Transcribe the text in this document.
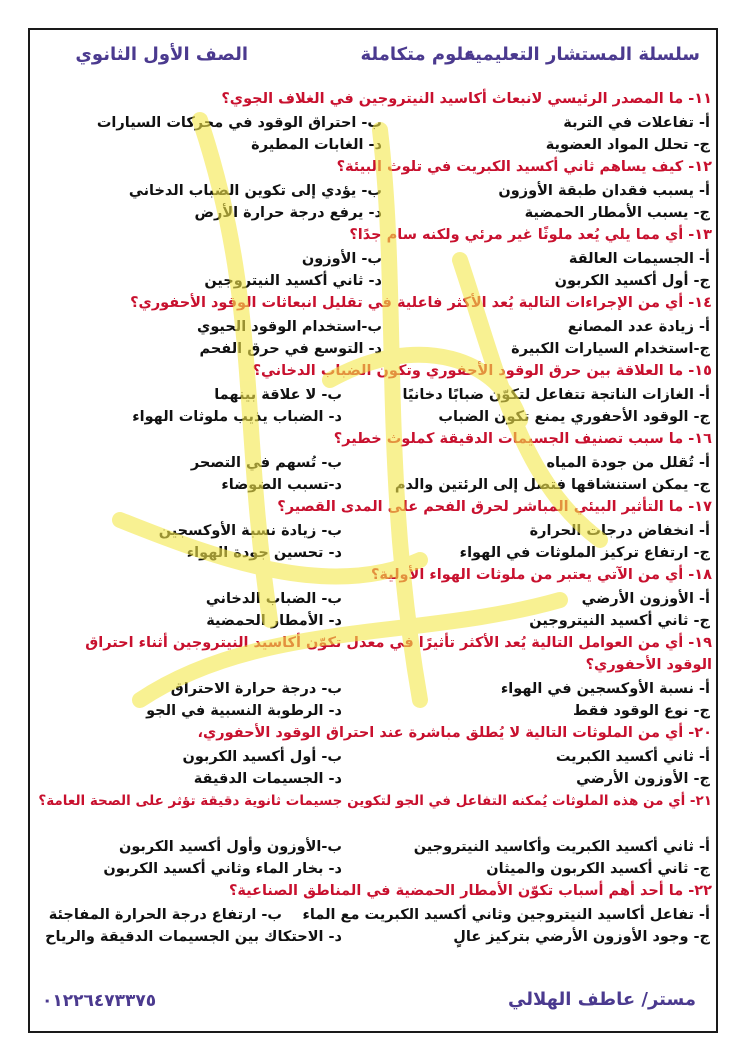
سلسلة المستشار التعليمية
علوم متكاملة
الصف الأول الثانوي
١١- ما المصدر الرئيسي لانبعاث أكاسيد النيتروجين في الغلاف الجوي؟
أ- تفاعلات في التربة
ب- احتراق الوقود في محركات السيارات
ج- تحلل المواد العضوية
د- الغابات المطيرة
١٢- كيف يساهم ثاني أكسيد الكبريت في تلوث البيئة؟
أ- يسبب فقدان طبقة الأوزون
ب- يؤدي إلى تكوين الضباب الدخاني
ج- يسبب الأمطار الحمضية
د- يرفع درجة حرارة الأرض
١٣- أي مما يلي يُعد ملوثًا غير مرئي ولكنه سام جدًا؟
أ- الجسيمات العالقة
ب- الأوزون
ج- أول أكسيد الكربون
د- ثاني أكسيد النيتروجين
١٤- أي من الإجراءات التالية يُعد الأكثر فاعلية في تقليل انبعاثات الوقود الأحفوري؟
أ- زيادة عدد المصانع
ب-استخدام الوقود الحيوي
ج-استخدام السيارات الكبيرة
د- التوسع في حرق الفحم
١٥- ما العلاقة بين حرق الوقود الأحفوري وتكون الضباب الدخاني؟
أ- الغازات الناتجة تتفاعل لتكوّن ضبابًا دخانيًا
ب- لا علاقة بينهما
ج- الوقود الأحفوري يمنع تكون الضباب
د- الضباب يذيب ملوثات الهواء
١٦- ما سبب تصنيف الجسيمات الدقيقة كملوث خطير؟
أ- تُقلل من جودة المياه
ب- تُسهم في التصحر
ج- يمكن استنشاقها فتصل إلى الرئتين والدم
د-تسبب الضوضاء
١٧- ما التأثير البيئي المباشر لحرق الفحم على المدى القصير؟
أ- انخفاض درجات الحرارة
ب- زيادة نسبة الأوكسجين
ج- ارتفاع تركيز الملوثات في الهواء
د- تحسين جودة الهواء
١٨- أي من الآتي يعتبر من ملوثات الهواء الأولية؟
أ- الأوزون الأرضي
ب- الضباب الدخاني
ج- ثاني أكسيد النيتروجين
د- الأمطار الحمضية
١٩- أي من العوامل التالية يُعد الأكثر تأثيرًا في معدل تكوّن أكاسيد النيتروجين أثناء احتراق الوقود الأحفوري؟
أ- نسبة الأوكسجين في الهواء
ب- درجة حرارة الاحتراق
ج- نوع الوقود فقط
د- الرطوبة النسبية في الجو
٢٠- أي من الملوثات التالية لا يُطلق مباشرة عند احتراق الوقود الأحفوري،
أ- ثاني أكسيد الكبريت
ب- أول أكسيد الكربون
ج- الأوزون الأرضي
د- الجسيمات الدقيقة
٢١- أي من هذه الملوثات يُمكنه التفاعل في الجو لتكوين جسيمات ثانوية دقيقة تؤثر على الصحة العامة؟
أ- ثاني أكسيد الكبريت وأكاسيد النيتروجين
ب-الأوزون وأول أكسيد الكربون
ج- ثاني أكسيد الكربون والميثان
د- بخار الماء وثاني أكسيد الكربون
٢٢- ما أحد أهم أسباب تكوّن الأمطار الحمضية في المناطق الصناعية؟
أ- تفاعل أكاسيد النيتروجين وثاني أكسيد الكبريت مع الماء
ب- ارتفاع درجة الحرارة المفاجئة
ج- وجود الأوزون الأرضي بتركيز عالٍ
د- الاحتكاك بين الجسيمات الدقيقة والرياح
مستر/ عاطف الهلالي
٠١٢٢٦٤٧٣٣٧٥
